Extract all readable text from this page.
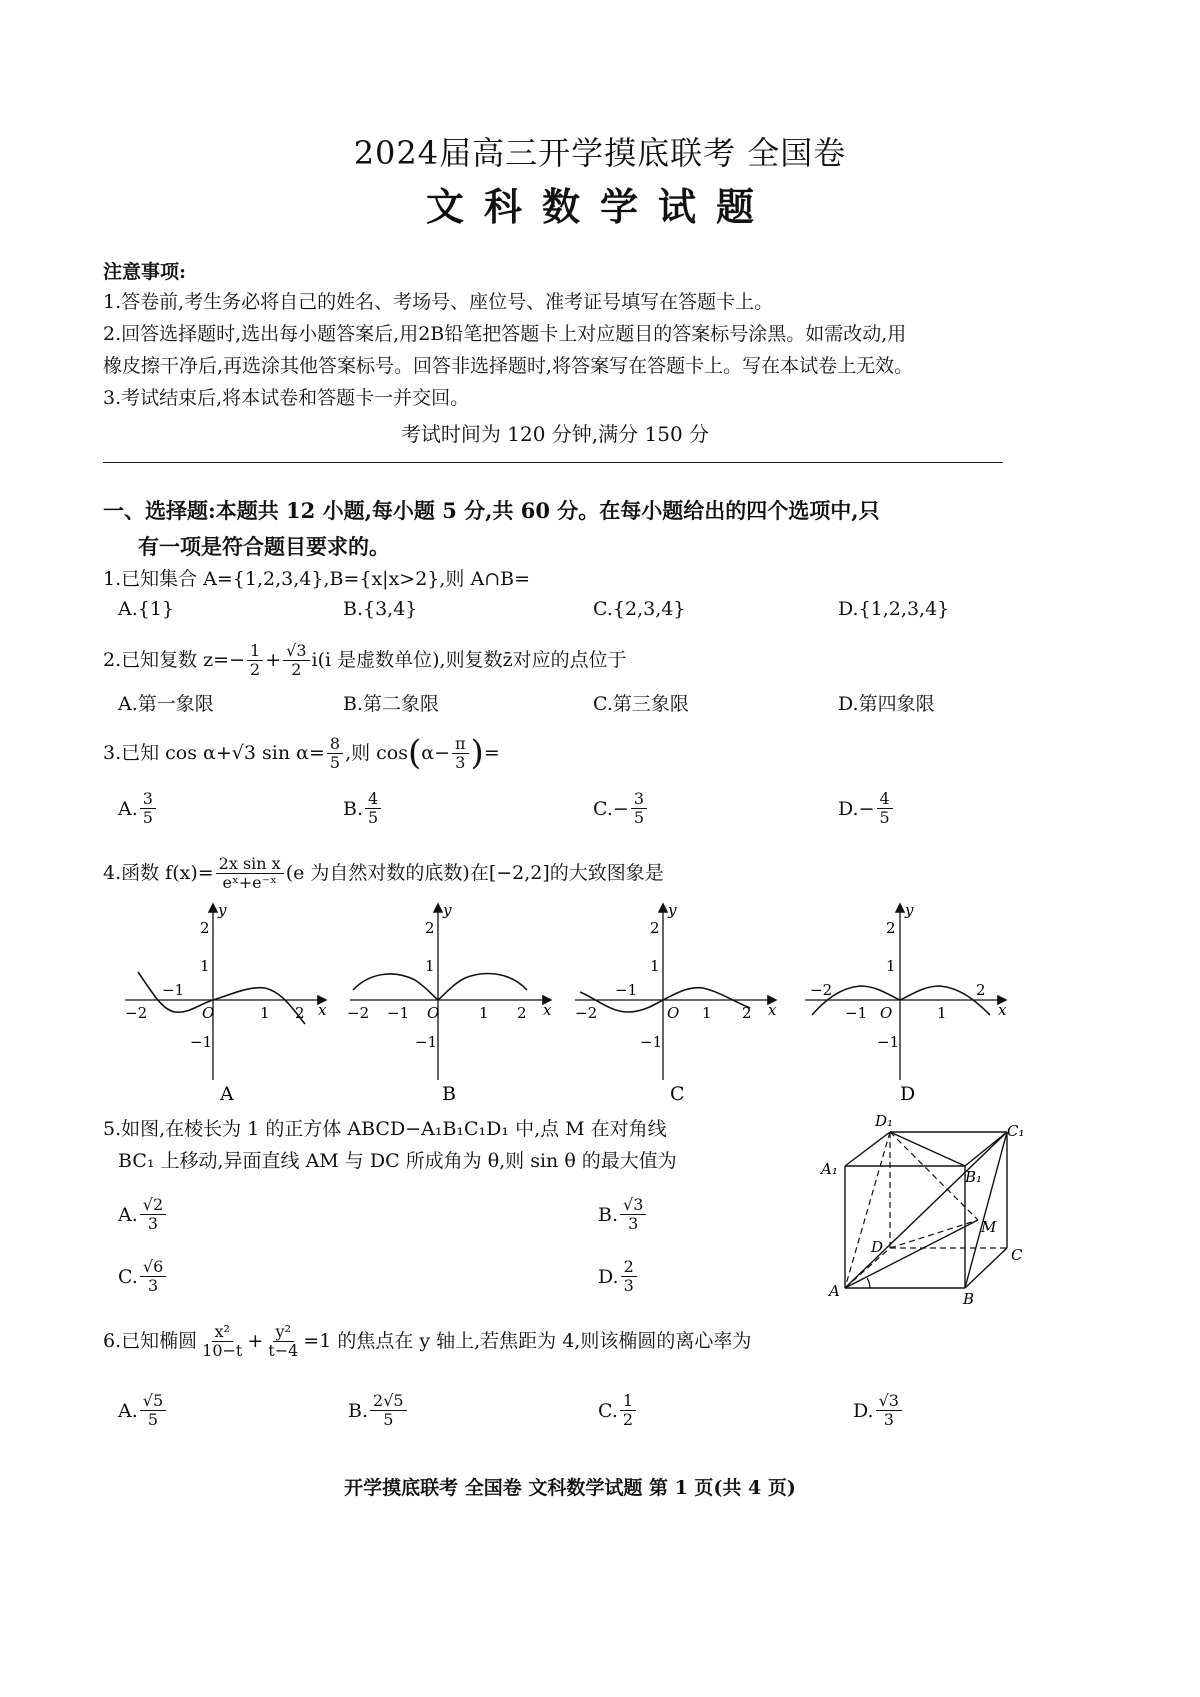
2024届高三开学摸底联考 全国卷
文科数学试题
注意事项:
1.答卷前,考生务必将自己的姓名、考场号、座位号、准考证号填写在答题卡上。
2.回答选择题时,选出每小题答案后,用2B铅笔把答题卡上对应题目的答案标号涂黑。如需改动,用
橡皮擦干净后,再选涂其他答案标号。回答非选择题时,将答案写在答题卡上。写在本试卷上无效。
3.考试结束后,将本试卷和答题卡一并交回。
考试时间为 120 分钟,满分 150 分
一、选择题:本题共 12 小题,每小题 5 分,共 60 分。在每小题给出的四个选项中,只
有一项是符合题目要求的。
1.已知集合 A={1,2,3,4},B={x|x>2},则 A∩B=
A.{1}	B.{3,4}	C.{2,3,4}	D.{1,2,3,4}
2.已知复数 $z=- \frac{1}{2} + \frac{√3}{2} i(i$ 是虚数单位),则复数z̄对应的点位于
A.第一象限	B.第二象限	C.第三象限	D.第四象限
3.已知 cos α+√3 $\sin \alpha= \frac{8}{5}$ ,则 cos ( $\alpha- \frac{\pi}{3}$ ) =
A. $\frac{3}{5}$	B. $\frac{4}{5}$	$C.- \frac{3}{5}$	$D.- \frac{4}{5}$
4.函数 $f(x)= \frac{\text{2x sin x}}{\text{eˣ+e⁻ˣ}} (e$ 为自然对数的底数)在[−2,2]的大致图象是
y
x
O
2
1
−1
−2
−1
1 2
y
x
O
2
1
−1
−2 −1	1 2
y
x
O
2
1
−1
−2
−1
1 2
y
x
O
2
1
−1
−2
−1	1
2
A	B	C	D
5.如图,在棱长为 1 的正方体 ABCD−A₁B₁C₁D₁ 中,点 M 在对角线
BC₁ 上移动,异面直线 AM 与 DC 所成角为 θ,则 sin θ 的最大值为
A. $\frac{√2}{3}$	B. $\frac{√3}{3}$
C. $\frac{√6}{3}$	D. $\frac{2}{3}$
D₁
C₁
A₁	B₁
M
D	C
A	B
6.已知椭圆 $\frac{\text{x²}}{10-t} + \frac{\text{y²}}{t-4} =1$ 的焦点在 y 轴上,若焦距为 4,则该椭圆的离心率为
A. $\frac{√5}{5}$	B. $\frac{2√5}{5}$	C. $\frac{1}{2}$	D. $\frac{√3}{3}$
开学摸底联考 全国卷 文科数学试题 第 1 页(共 4 页)
